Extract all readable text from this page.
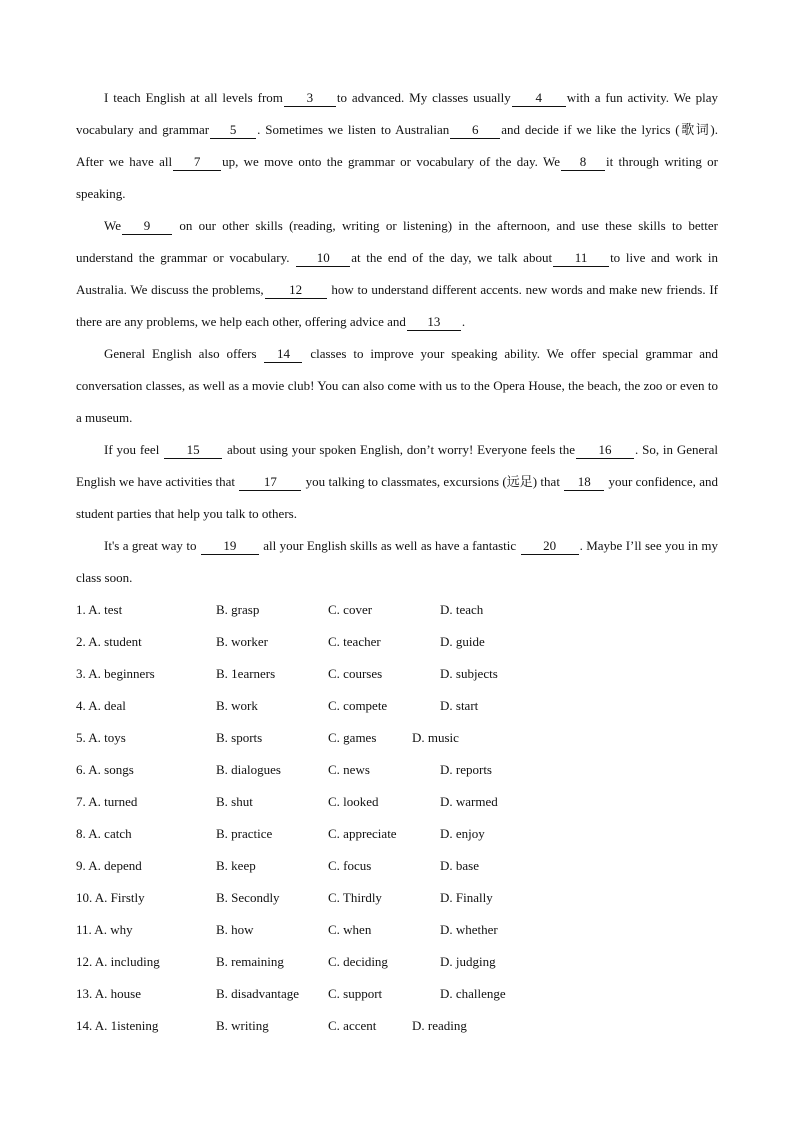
I teach English at all levels from 3 to advanced. My classes usually 4 with a fun activity. We play vocabulary and grammar 5 . Sometimes we listen to Australian 6 and decide if we like the lyrics (歌词). After we have all 7 up, we move onto the grammar or vocabulary of the day. We 8 it through writing or speaking.

We 9 on our other skills (reading, writing or listening) in the afternoon, and use these skills to better understand the grammar or vocabulary. 10 at the end of the day, we talk about 11 to live and work in Australia. We discuss the problems, 12 how to understand different accents. new words and make new friends. If there are any problems, we help each other, offering advice and 13 .

General English also offers 14 classes to improve your speaking ability. We offer special grammar and conversation classes, as well as a movie club! You can also come with us to the Opera House, the beach, the zoo or even to a museum.

If you feel 15 about using your spoken English, don’t worry! Everyone feels the 16 . So, in General English we have activities that 17 you talking to classmates, excursions (远足) that 18 your confidence, and student parties that help you talk to others.

It's a great way to 19 all your English skills as well as have a fantastic 20 . Maybe I’ll see you in my class soon.

1. A. test	B. grasp	C. cover	D. teach
2. A. student	B. worker	C. teacher	D. guide
3. A. beginners	B. 1earners	C. courses	D. subjects
4. A. deal	B. work	C. compete	D. start
5. A. toys	B. sports	C. games	D. music
6. A. songs	B. dialogues	C. news	D. reports
7. A. turned	B. shut	C. looked	D. warmed
8. A. catch	B. practice	C. appreciate	D. enjoy
9. A. depend	B. keep	C. focus	D. base
10. A. Firstly	B. Secondly	C. Thirdly	D. Finally
11. A. why	B. how	C. when	D. whether
12. A. including	B. remaining	C. deciding	D. judging
13. A. house	B. disadvantage C. support	D. challenge
14. A. 1istening	B. writing	C. accent	D. reading
